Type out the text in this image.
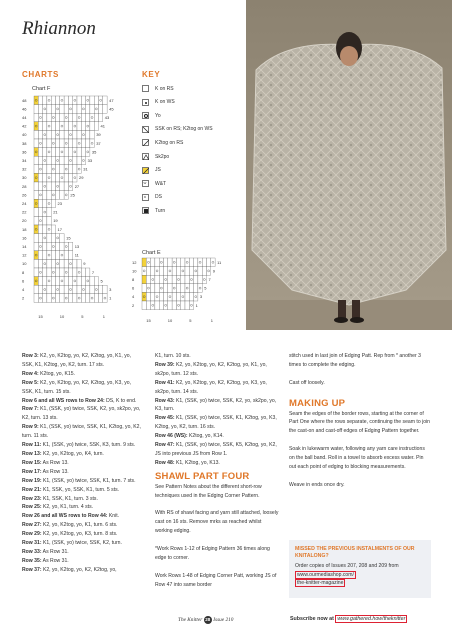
Rhiannon
CHARTS	KEY
Chart F
48	47
46	45
44	43
42	41
40	39
38	37
36	35
34	33
32	31
30	29
28	27
26	25
24	23
22	21
20	19
18	17
16	15
14	13
12	11
10	9
8	7
6	5
4	3
2	1
15	10	5	1
K on RS
K on WS
Yo
SSK on RS; K2tog on WS
K2tog on RS
Sk2po
JS
W W&T
D DS
Turn
Chart E
12	11
10	9
8	7
6	5
4	3
2	1
15	10	5	1

Row 3: K2, yo, K2tog, yo, K2, K2tog, yo, K1, yo, SSK, K1, K2tog, yo, K2, turn. 17 sts.

Row 4: K2tog, yo, K15.

Row 5: K2, yo, K2tog, yo, K2, K2tog, yo, K3, yo, SSK, K1, turn. 15 sts.

Row 6 and all WS rows to Row 24: DS, K to end.

Row 7: K1, (SSK, yo) twice, SSK, K2, yo, sk2po, yo, K2, turn. 13 sts.

Row 9: K1, (SSK, yo) twice, SSK, K1, K2tog, yo, K2, turn. 11 sts.

Row 11: K1, (SSK, yo) twice, SSK, K3, turn. 9 sts.

Row 13: K2, yo, K2tog, yo, K4, turn.

Row 15: As Row 13.

Row 17: As Row 13.

Row 19: K1, (SSK, yo) twice, SSK, K1, turn. 7 sts.

Row 21: K1, SSK, yo, SSK, K1, turn. 5 sts.

Row 23: K1, SSK, K1, turn. 3 sts.

Row 25: K2, yo, K1, turn. 4 sts.

Row 26 and all WS rows to Row 44: Knit.

Row 27: K2, yo, K2tog, yo, K1, turn. 6 sts.

Row 29: K2, yo, K2tog, yo, K3, turn. 8 sts.

Row 31: K1, (SSK, yo) twice, SSK, K2, turn.

Row 33: As Row 31.

Row 35: As Row 31.

Row 37: K2, yo, K2tog, yo, K2, K2tog, yo,

K1, turn. 10 sts.

Row 39: K2, yo, K2tog, yo, K2, K2tog, yo, K1, yo, sk2po, turn. 12 sts.

Row 41: K2, yo, K2tog, yo, K2, K2tog, yo, K3, yo, sk2po, turn. 14 sts.

Row 43: K1, (SSK, yo) twice, SSK, K2, yo, sk2po, yo, K3, turn.

Row 45: K1, (SSK, yo) twice, SSK, K1, K2tog, yo, K3, K2tog, yo, K2, turn. 16 sts.

Row 46 (WS): K2tog, yo, K14.

Row 47: K1, (SSK, yo) twice, SSK, K5, K2tog, yo, K2, JS into previous JS from Row 1.

Row 48: K1, K2tog, yo, K13.

SHAWL PART FOUR

See Pattern Notes about the different short-row techniques used in the Edging Corner Pattern.

With RS of shawl facing and yarn still attached, loosely cast on 16 sts. Remove mrks as reached whilst working edging.

*Work Rows 1-12 of Edging Pattern 36 times along edge to corner.

Work Rows 1-48 of Edging Corner Patt, working JS of Row 47 into same border

stitch used in last join of Edging Patt. Rep from * another 3 times to complete the edging.

Cast off loosely.

MAKING UP

Seam the edges of the border rows, starting at the corner of Part One where the rows separate, continuing the seam to join the cast-on and cast-off edges of Edging Pattern together.

Soak in lukewarm water, following any yarn care instructions on the ball band. Roll in a towel to absorb excess water. Pin out each point of edging to blocking measurements.

Weave in ends once dry.

MISSED THE PREVIOUS INSTALMENTS OF OUR KNITALONG?
Order copies of Issues 207, 208 and 209 from www.ourmediashop.com/
the-knitter-magazine
The Knitter 28 Issue 210	Subscribe now at www.gathered.how/theknitter
